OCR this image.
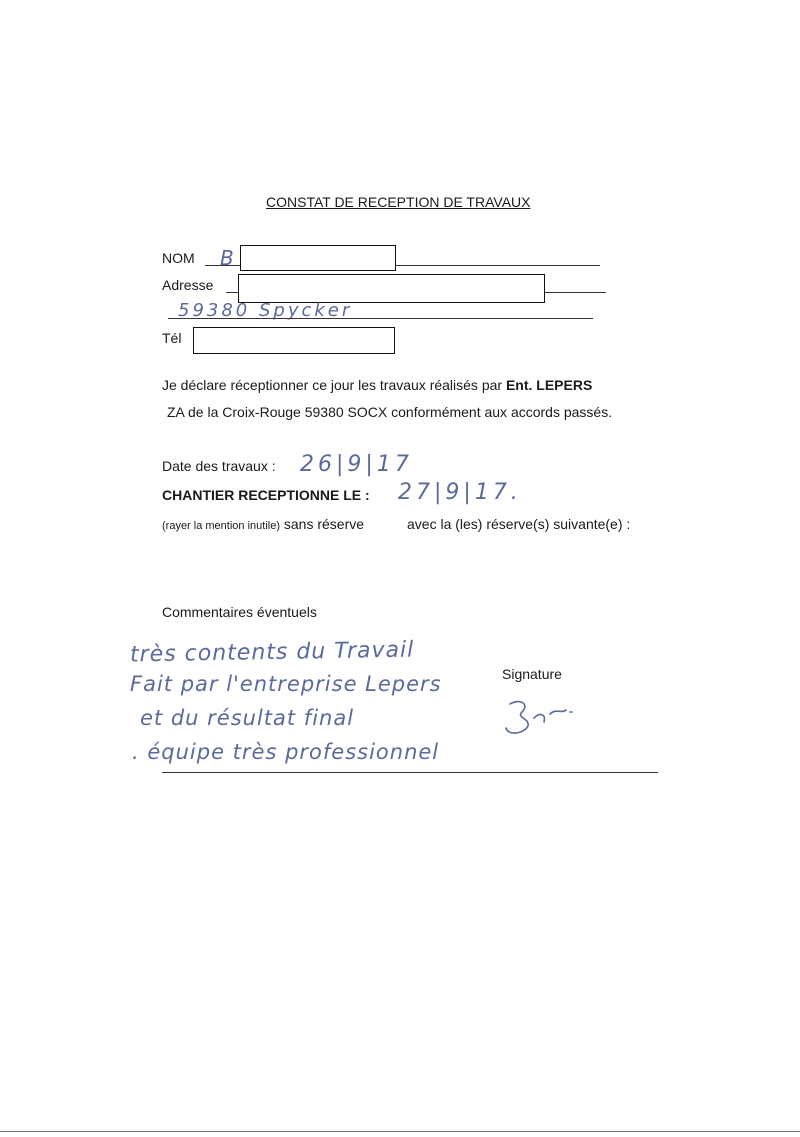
CONSTAT DE RECEPTION DE TRAVAUX
NOM B
Adresse
59380 Spycker
Tél
Je déclare réceptionner ce jour les travaux réalisés par Ent. LEPERS
ZA de la Croix-Rouge 59380 SOCX conformément aux accords passés.
Date des travaux : 26|9|17
CHANTIER RECEPTIONNE LE : 27|9|17.
(rayer la mention inutile) sans réserve	avec la (les) réserve(s) suivante(e) :
Commentaires éventuels
très contents du Travail
Fait par l'entreprise Lepers
et du résultat final
. équipe très professionnel
Signature
